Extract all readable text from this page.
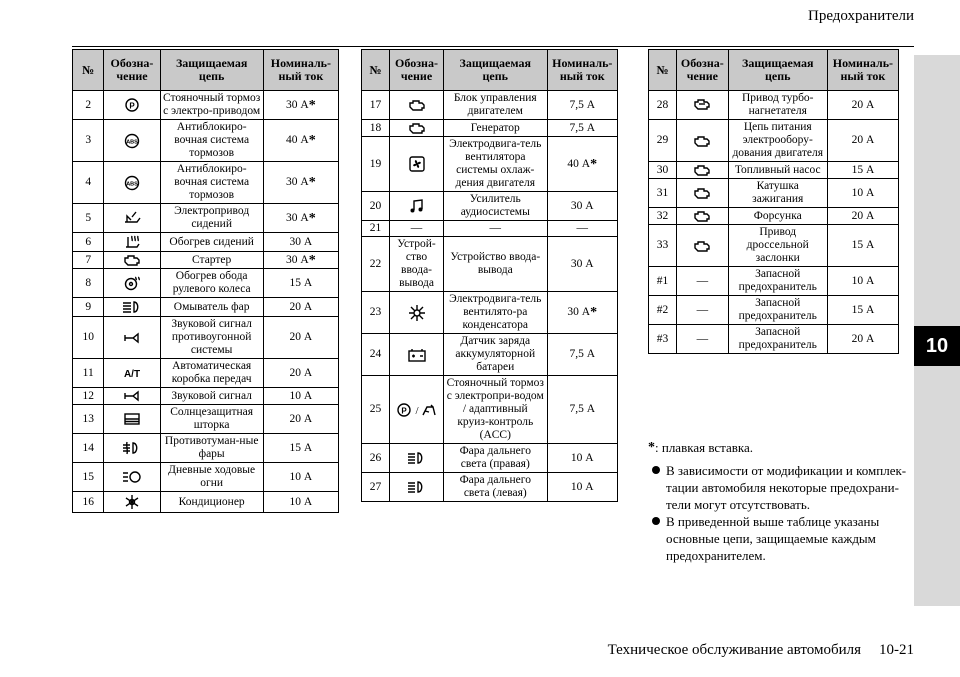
Предохранители
10
№	Обозна-чение	Защищаемая цепь	Номиналь-ный ток
2	P	Стояночный тормоз с электро-приводом	30 А*
3	ABS	Антиблокиро-вочная система тормозов	40 А*
4	ABS	Антиблокиро-вочная система тормозов	30 А*
5		Электропривод сидений	30 А*
6		Обогрев сидений	30 А
7		Стартер	30 А*
8		Обогрев обода рулевого колеса	15 А
9		Омыватель фар	20 А
10		Звуковой сигнал противоугонной системы	20 А
11	A/T	Автоматическая коробка передач	20 А
12		Звуковой сигнал	10 А
13		Солнцезащитная шторка	20 А
14		Противотуман-ные фары	15 А
15		Дневные ходовые огни	10 А
16		Кондиционер	10 А
№	Обозна-чение	Защищаемая цепь	Номиналь-ный ток
17		Блок управления двигателем	7,5 А
18		Генератор	7,5 А
19		Электродвига-тель вентилятора системы охлаж-дения двигателя	40 А*
20		Усилитель аудиосистемы	30 А
21	—	—	—
22	Устрой-ство ввода-вывода	Устройство ввода-вывода	30 А
23		Электродвига-тель вентилято-ра конденсатора	30 А*
24		Датчик заряда аккумуляторной батареи	7,5 А
25	P /	Стояночный тормоз с электропри-водом / адаптивный круиз-контроль (ACC)	7,5 А
26		Фара дальнего света (правая)	10 А
27		Фара дальнего света (левая)	10 А
№	Обозна-чение	Защищаемая цепь	Номиналь-ный ток
28		Привод турбо-нагнетателя	20 А
29		Цепь питания электрообору-дования двигателя	20 А
30		Топливный насос	15 А
31		Катушка зажигания	10 А
32		Форсунка	20 А
33		Привод дроссельной заслонки	15 А
#1	—	Запасной предохранитель	10 А
#2	—	Запасной предохранитель	15 А
#3	—	Запасной предохранитель	20 А
*: плавкая вставка.
В зависимости от модификации и комплек-тации автомобиля некоторые предохрани-тели могут отсутствовать.
В приведенной выше таблице указаны основные цепи, защищаемые каждым предохранителем.
Техническое обслуживание автомобиля 10-21
